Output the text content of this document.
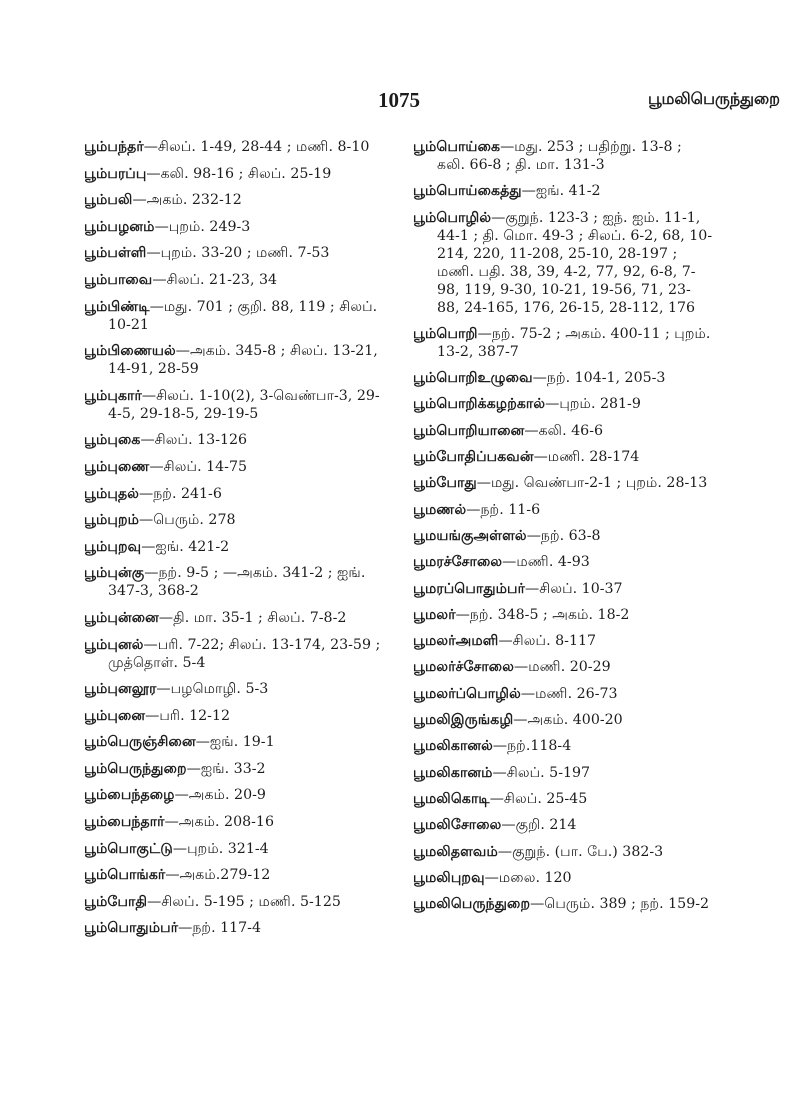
1075	பூமலிபெருந்துறை
பூம்பந்தர்—சிலப். 1-49, 28-44 ; மணி. 8-10
பூம்பரப்பு—கலி. 98-16 ; சிலப். 25-19
பூம்பலி—அகம். 232-12
பூம்பழனம்—புறம். 249-3
பூம்பள்ளி—புறம். 33-20 ; மணி. 7-53
பூம்பாவை—சிலப். 21-23, 34
பூம்பிண்டி—மது. 701 ; குறி. 88, 119 ; சிலப். 10-21
பூம்பிணையல்—அகம். 345-8 ; சிலப். 13-21, 14-91, 28-59
பூம்புகார்—சிலப். 1-10(2), 3-வெண்பா-3, 29-4-5, 29-18-5, 29-19-5
பூம்புகை—சிலப். 13-126
பூம்புணை—சிலப். 14-75
பூம்புதல்—நற். 241-6
பூம்புறம்—பெரும். 278
பூம்புறவு—ஐங். 421-2
பூம்புன்கு—நற். 9-5 ; —அகம். 341-2 ; ஐங். 347-3, 368-2
பூம்புன்னை—தி. மா. 35-1 ; சிலப். 7-8-2
பூம்புனல்—பரி. 7-22; சிலப். 13-174, 23-59 ; முத்தொள். 5-4
பூம்புனலூர—பழமொழி. 5-3
பூம்புனை—பரி. 12-12
பூம்பெருஞ்சினை—ஐங். 19-1
பூம்பெருந்துறை—ஐங். 33-2
பூம்பைந்தழை—அகம். 20-9
பூம்பைந்தார்—அகம். 208-16
பூம்பொகுட்டு—புறம். 321-4
பூம்பொங்கர்—அகம்.279-12
பூம்போதி—சிலப். 5-195 ; மணி. 5-125
பூம்பொதும்பர்—நற். 117-4
பூம்பொய்கை—மது. 253 ; பதிற்று. 13-8 ; கலி. 66-8 ; தி. மா. 131-3
பூம்பொய்கைத்து—ஐங். 41-2
பூம்பொழில்—குறுந். 123-3 ; ஐந். ஐம். 11-1, 44-1 ; தி. மொ. 49-3 ; சிலப். 6-2, 68, 10-214, 220, 11-208, 25-10, 28-197 ; மணி. பதி. 38, 39, 4-2, 77, 92, 6-8, 7-98, 119, 9-30, 10-21, 19-56, 71, 23-88, 24-165, 176, 26-15, 28-112, 176
பூம்பொறி—நற். 75-2 ; அகம். 400-11 ; புறம். 13-2, 387-7
பூம்பொறிஉழுவை—நற். 104-1, 205-3
பூம்பொறிக்கழற்கால்—புறம். 281-9
பூம்பொறியானை—கலி. 46-6
பூம்போதிப்பகவன்—மணி. 28-174
பூம்போது—மது. வெண்பா-2-1 ; புறம். 28-13
பூமணல்—நற். 11-6
பூமயங்குஅள்ளல்—நற். 63-8
பூமரச்சோலை—மணி. 4-93
பூமரப்பொதும்பர்—சிலப். 10-37
பூமலர்—நற். 348-5 ; அகம். 18-2
பூமலர்அமளி—சிலப். 8-117
பூமலர்ச்சோலை—மணி. 20-29
பூமலர்ப்பொழில்—மணி. 26-73
பூமலிஇருங்கழி—அகம். 400-20
பூமலிகானல்—நற்.118-4
பூமலிகானம்—சிலப். 5-197
பூமலிகொடி—சிலப். 25-45
பூமலிசோலை—குறி. 214
பூமலிதளவம்—குறுந். (பா. பே.) 382-3
பூமலிபுறவு—மலை. 120
பூமலிபெருந்துறை—பெரும். 389 ; நற். 159-2
